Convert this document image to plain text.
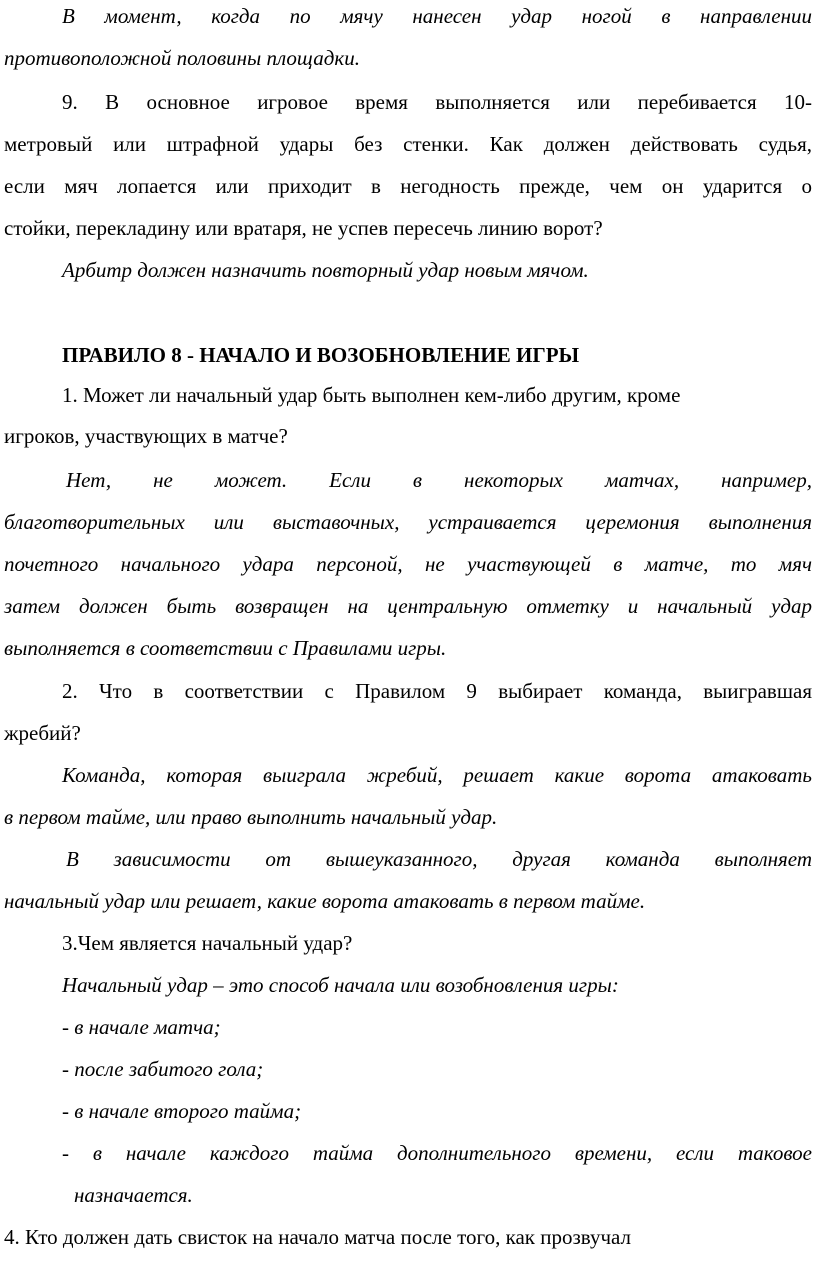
В момент, когда по мячу нанесен удар ногой в направлении
противоположной половины площадки.
9. В основное игровое время выполняется или перебивается 10-
метровый или штрафной удары без стенки. Как должен действовать судья,
если мяч лопается или приходит в негодность прежде, чем он ударится о
стойки, перекладину или вратаря, не успев пересечь линию ворот?
Арбитр должен назначить повторный удар новым мячом.
ПРАВИЛО 8 - НАЧАЛО И ВОЗОБНОВЛЕНИЕ ИГРЫ
1. Может ли начальный удар быть выполнен кем-либо другим, кроме
игроков, участвующих в матче?
Нет, не может. Если в некоторых матчах, например,
благотворительных или выставочных, устраивается церемония выполнения
почетного начального удара персоной, не участвующей в матче, то мяч
затем должен быть возвращен на центральную отметку и начальный удар
выполняется в соответствии с Правилами игры.
2. Что в соответствии с Правилом 9 выбирает команда, выигравшая
жребий?
Команда, которая выиграла жребий, решает какие ворота атаковать
в первом тайме, или право выполнить начальный удар.
В зависимости от вышеуказанного, другая команда выполняет
начальный удар или решает, какие ворота атаковать в первом тайме.
3.Чем является начальный удар?
Начальный удар – это способ начала или возобновления игры:
- в начале матча;
- после забитого гола;
- в начале второго тайма;
- в начале каждого тайма дополнительного времени, если таковое
назначается.
4. Кто должен дать свисток на начало матча после того, как прозвучал
